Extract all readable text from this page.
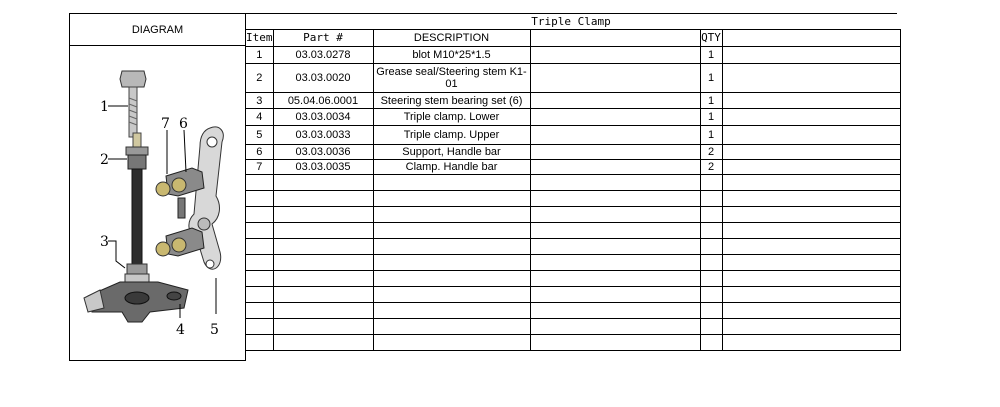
DIAGRAM
1
2
3
4 5
7 6
Triple Clamp
Item	Part #	DESCRIPTION		QTY	
1	03.03.0278	blot M10*25*1.5		1	
2	03.03.0020	Grease seal/Steering stem K1-01		1	
3	05.04.06.0001	Steering stem bearing set (6)		1	
4	03.03.0034	Triple clamp. Lower		1	
5	03.03.0033	Triple clamp. Upper		1	
6	03.03.0036	Support, Handle bar		2	
7	03.03.0035	Clamp. Handle bar		2	
